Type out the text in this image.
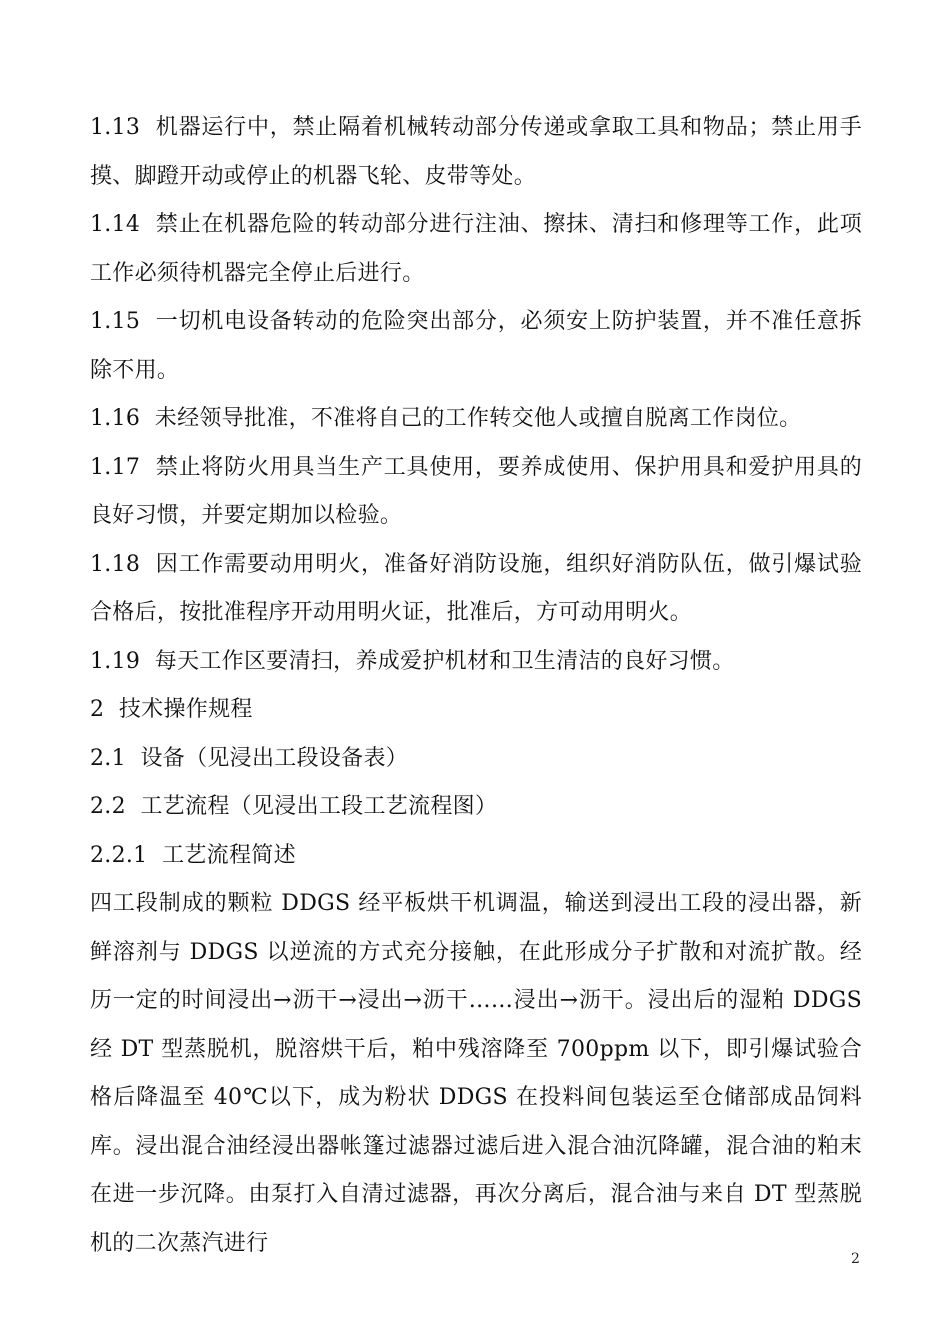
1.13  机器运行中，禁止隔着机械转动部分传递或拿取工具和物品；禁止用手摸、脚蹬开动或停止的机器飞轮、皮带等处。

1.14  禁止在机器危险的转动部分进行注油、擦抹、清扫和修理等工作，此项工作必须待机器完全停止后进行。

1.15  一切机电设备转动的危险突出部分，必须安上防护装置，并不准任意拆除不用。

1.16  未经领导批准，不准将自己的工作转交他人或擅自脱离工作岗位。

1.17  禁止将防火用具当生产工具使用，要养成使用、保护用具和爱护用具的良好习惯，并要定期加以检验。

1.18  因工作需要动用明火，准备好消防设施，组织好消防队伍，做引爆试验合格后，按批准程序开动用明火证，批准后，方可动用明火。

1.19  每天工作区要清扫，养成爱护机材和卫生清洁的良好习惯。

2  技术操作规程

2.1  设备（见浸出工段设备表）

2.2  工艺流程（见浸出工段工艺流程图）

2.2.1  工艺流程简述

四工段制成的颗粒 DDGS 经平板烘干机调温，输送到浸出工段的浸出器，新鲜溶剂与 DDGS 以逆流的方式充分接触，在此形成分子扩散和对流扩散。经历一定的时间浸出→沥干→浸出→沥干……浸出→沥干。浸出后的湿粕 DDGS 经 DT 型蒸脱机，脱溶烘干后，粕中残溶降至 700ppm 以下，即引爆试验合格后降温至 40℃以下，成为粉状 DDGS 在投料间包装运至仓储部成品饲料库。浸出混合油经浸出器帐篷过滤器过滤后进入混合油沉降罐，混合油的粕末在进一步沉降。由泵打入自清过滤器，再次分离后，混合油与来自 DT 型蒸脱机的二次蒸汽进行

2
